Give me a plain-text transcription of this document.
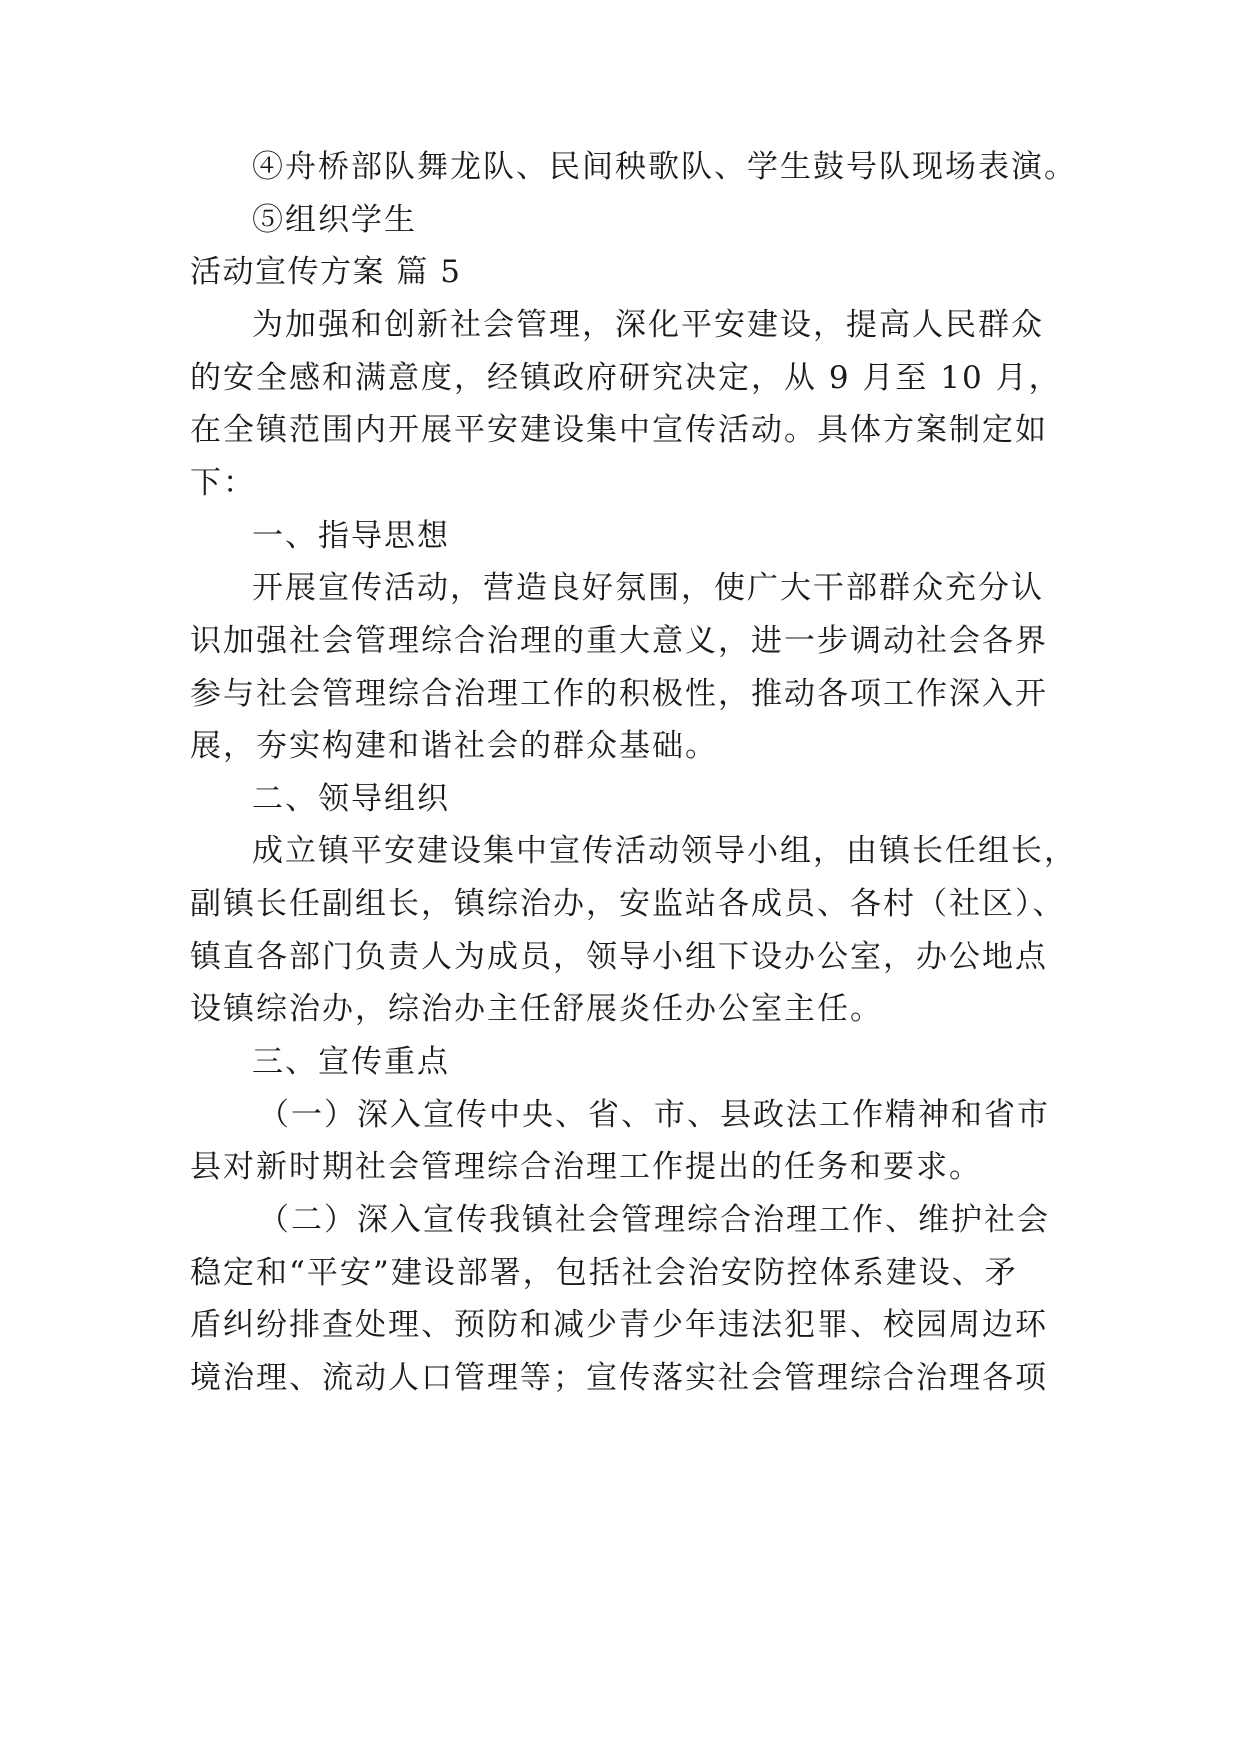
④舟桥部队舞龙队、民间秧歌队、学生鼓号队现场表演。
⑤组织学生
活动宣传方案 篇 5
为加强和创新社会管理，深化平安建设，提高人民群众
的安全感和满意度，经镇政府研究决定，从 9 月至 10 月，
在全镇范围内开展平安建设集中宣传活动。具体方案制定如
下：
一、指导思想
开展宣传活动，营造良好氛围，使广大干部群众充分认
识加强社会管理综合治理的重大意义，进一步调动社会各界
参与社会管理综合治理工作的积极性，推动各项工作深入开
展，夯实构建和谐社会的群众基础。
二、领导组织
成立镇平安建设集中宣传活动领导小组，由镇长任组长，
副镇长任副组长，镇综治办，安监站各成员、各村（社区）、
镇直各部门负责人为成员，领导小组下设办公室，办公地点
设镇综治办，综治办主任舒展炎任办公室主任。
三、宣传重点
（一）深入宣传中央、省、市、县政法工作精神和省市
县对新时期社会管理综合治理工作提出的任务和要求。
（二）深入宣传我镇社会管理综合治理工作、维护社会
稳定和“平安”建设部署，包括社会治安防控体系建设、矛
盾纠纷排查处理、预防和减少青少年违法犯罪、校园周边环
境治理、流动人口管理等；宣传落实社会管理综合治理各项
